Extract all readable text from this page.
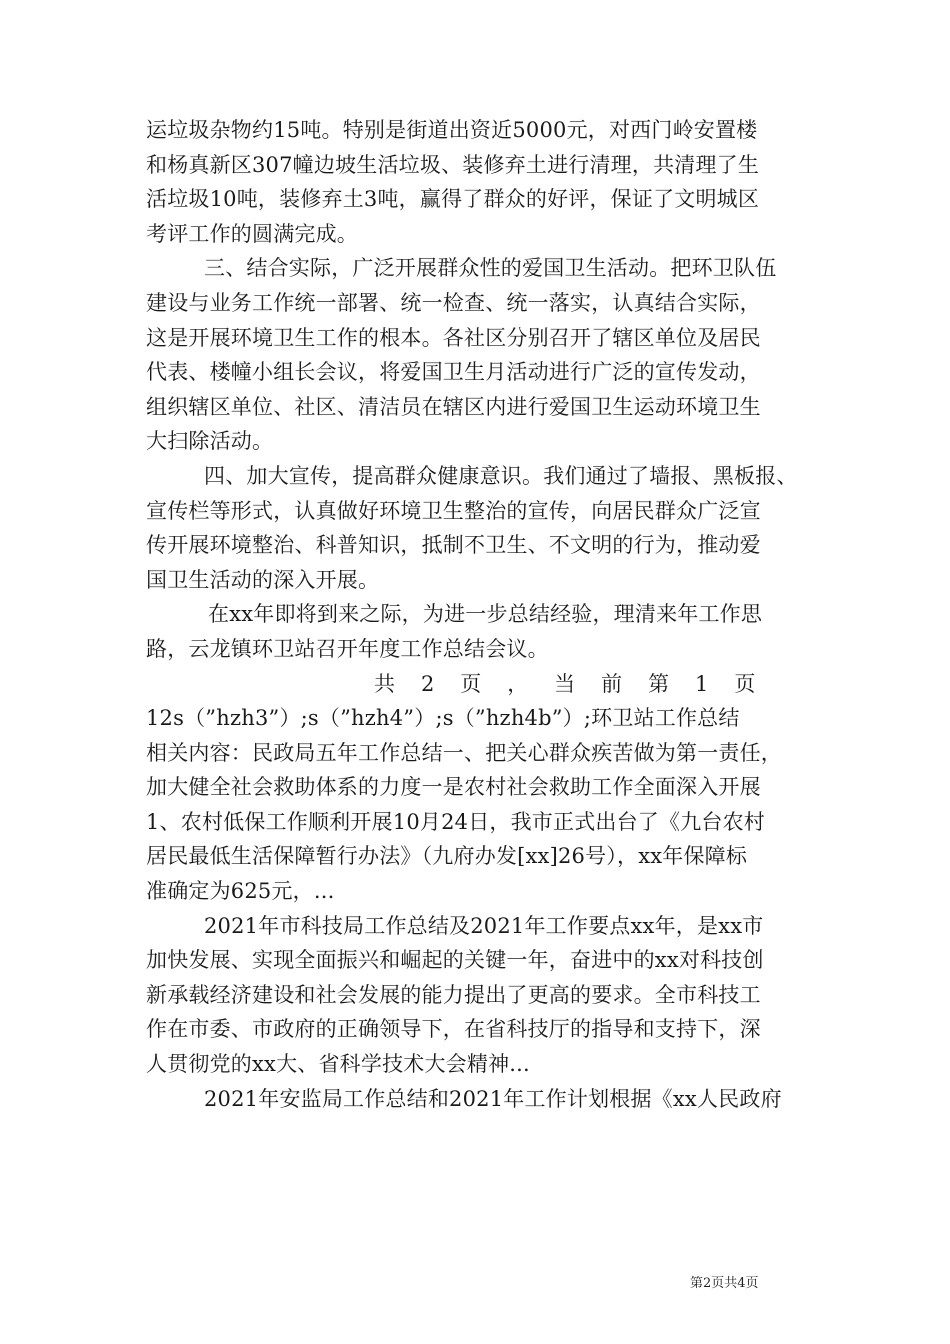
运垃圾杂物约15吨。特别是街道出资近5000元，对西门岭安置楼
和杨真新区307幢边坡生活垃圾、装修弃土进行清理，共清理了生
活垃圾10吨，装修弃土3吨，赢得了群众的好评，保证了文明城区
考评工作的圆满完成。
三、结合实际，广泛开展群众性的爱国卫生活动。把环卫队伍
建设与业务工作统一部署、统一检查、统一落实，认真结合实际，
这是开展环境卫生工作的根本。各社区分别召开了辖区单位及居民
代表、楼幢小组长会议，将爱国卫生月活动进行广泛的宣传发动，
组织辖区单位、社区、清洁员在辖区内进行爱国卫生运动环境卫生
大扫除活动。
四、加大宣传，提高群众健康意识。我们通过了墙报、黑板报、
宣传栏等形式，认真做好环境卫生整治的宣传，向居民群众广泛宣
传开展环境整治、科普知识，抵制不卫生、不文明的行为，推动爱
国卫生活动的深入开展。
在xx年即将到来之际，为进一步总结经验，理清来年工作思
路，云龙镇环卫站召开年度工作总结会议。
共  2  页  ，  当  前  第  1  页
12s（”hzh3”）;s（”hzh4”）;s（”hzh4b”）;环卫站工作总结
相关内容：民政局五年工作总结一、把关心群众疾苦做为第一责任，
加大健全社会救助体系的力度一是农村社会救助工作全面深入开展
1、农村低保工作顺利开展10月24日，我市正式出台了《九台农村
居民最低生活保障暂行办法》（九府办发[xx]26号），xx年保障标
准确定为625元，...
2021年市科技局工作总结及2021年工作要点xx年，是xx市
加快发展、实现全面振兴和崛起的关键一年，奋进中的xx对科技创
新承载经济建设和社会发展的能力提出了更高的要求。全市科技工
作在市委、市政府的正确领导下，在省科技厅的指导和支持下，深
人贯彻党的xx大、省科学技术大会精神...
2021年安监局工作总结和2021年工作计划根据《xx人民政府
第2页共4页
